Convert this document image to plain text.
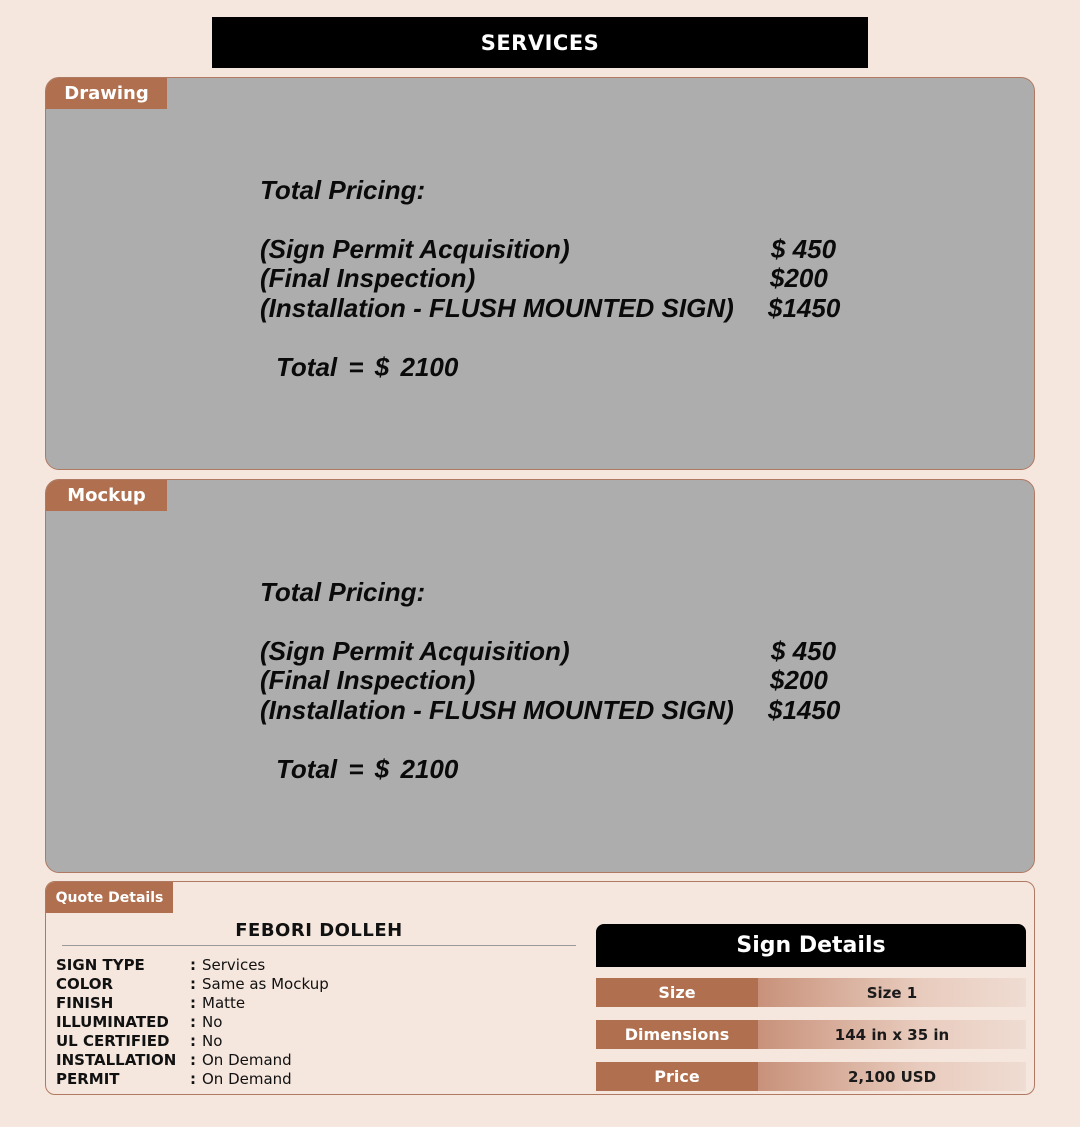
SERVICES
Drawing
Total Pricing:
(Sign Permit Acquisition)	$ 450
(Final Inspection)	$200
(Installation - FLUSH MOUNTED SIGN) $1450
Total = $ 2100
Mockup
Total Pricing:
(Sign Permit Acquisition)	$ 450
(Final Inspection)	$200
(Installation - FLUSH MOUNTED SIGN) $1450
Total = $ 2100
Quote Details
FEBORI DOLLEH
SIGN TYPE	: Services
COLOR	: Same as Mockup
FINISH	: Matte
ILLUMINATED : No
UL CERTIFIED : No
INSTALLATION : On Demand
PERMIT	: On Demand
Sign Details
Size	Size 1
Dimensions	144 in x 35 in
Price	2,100 USD
